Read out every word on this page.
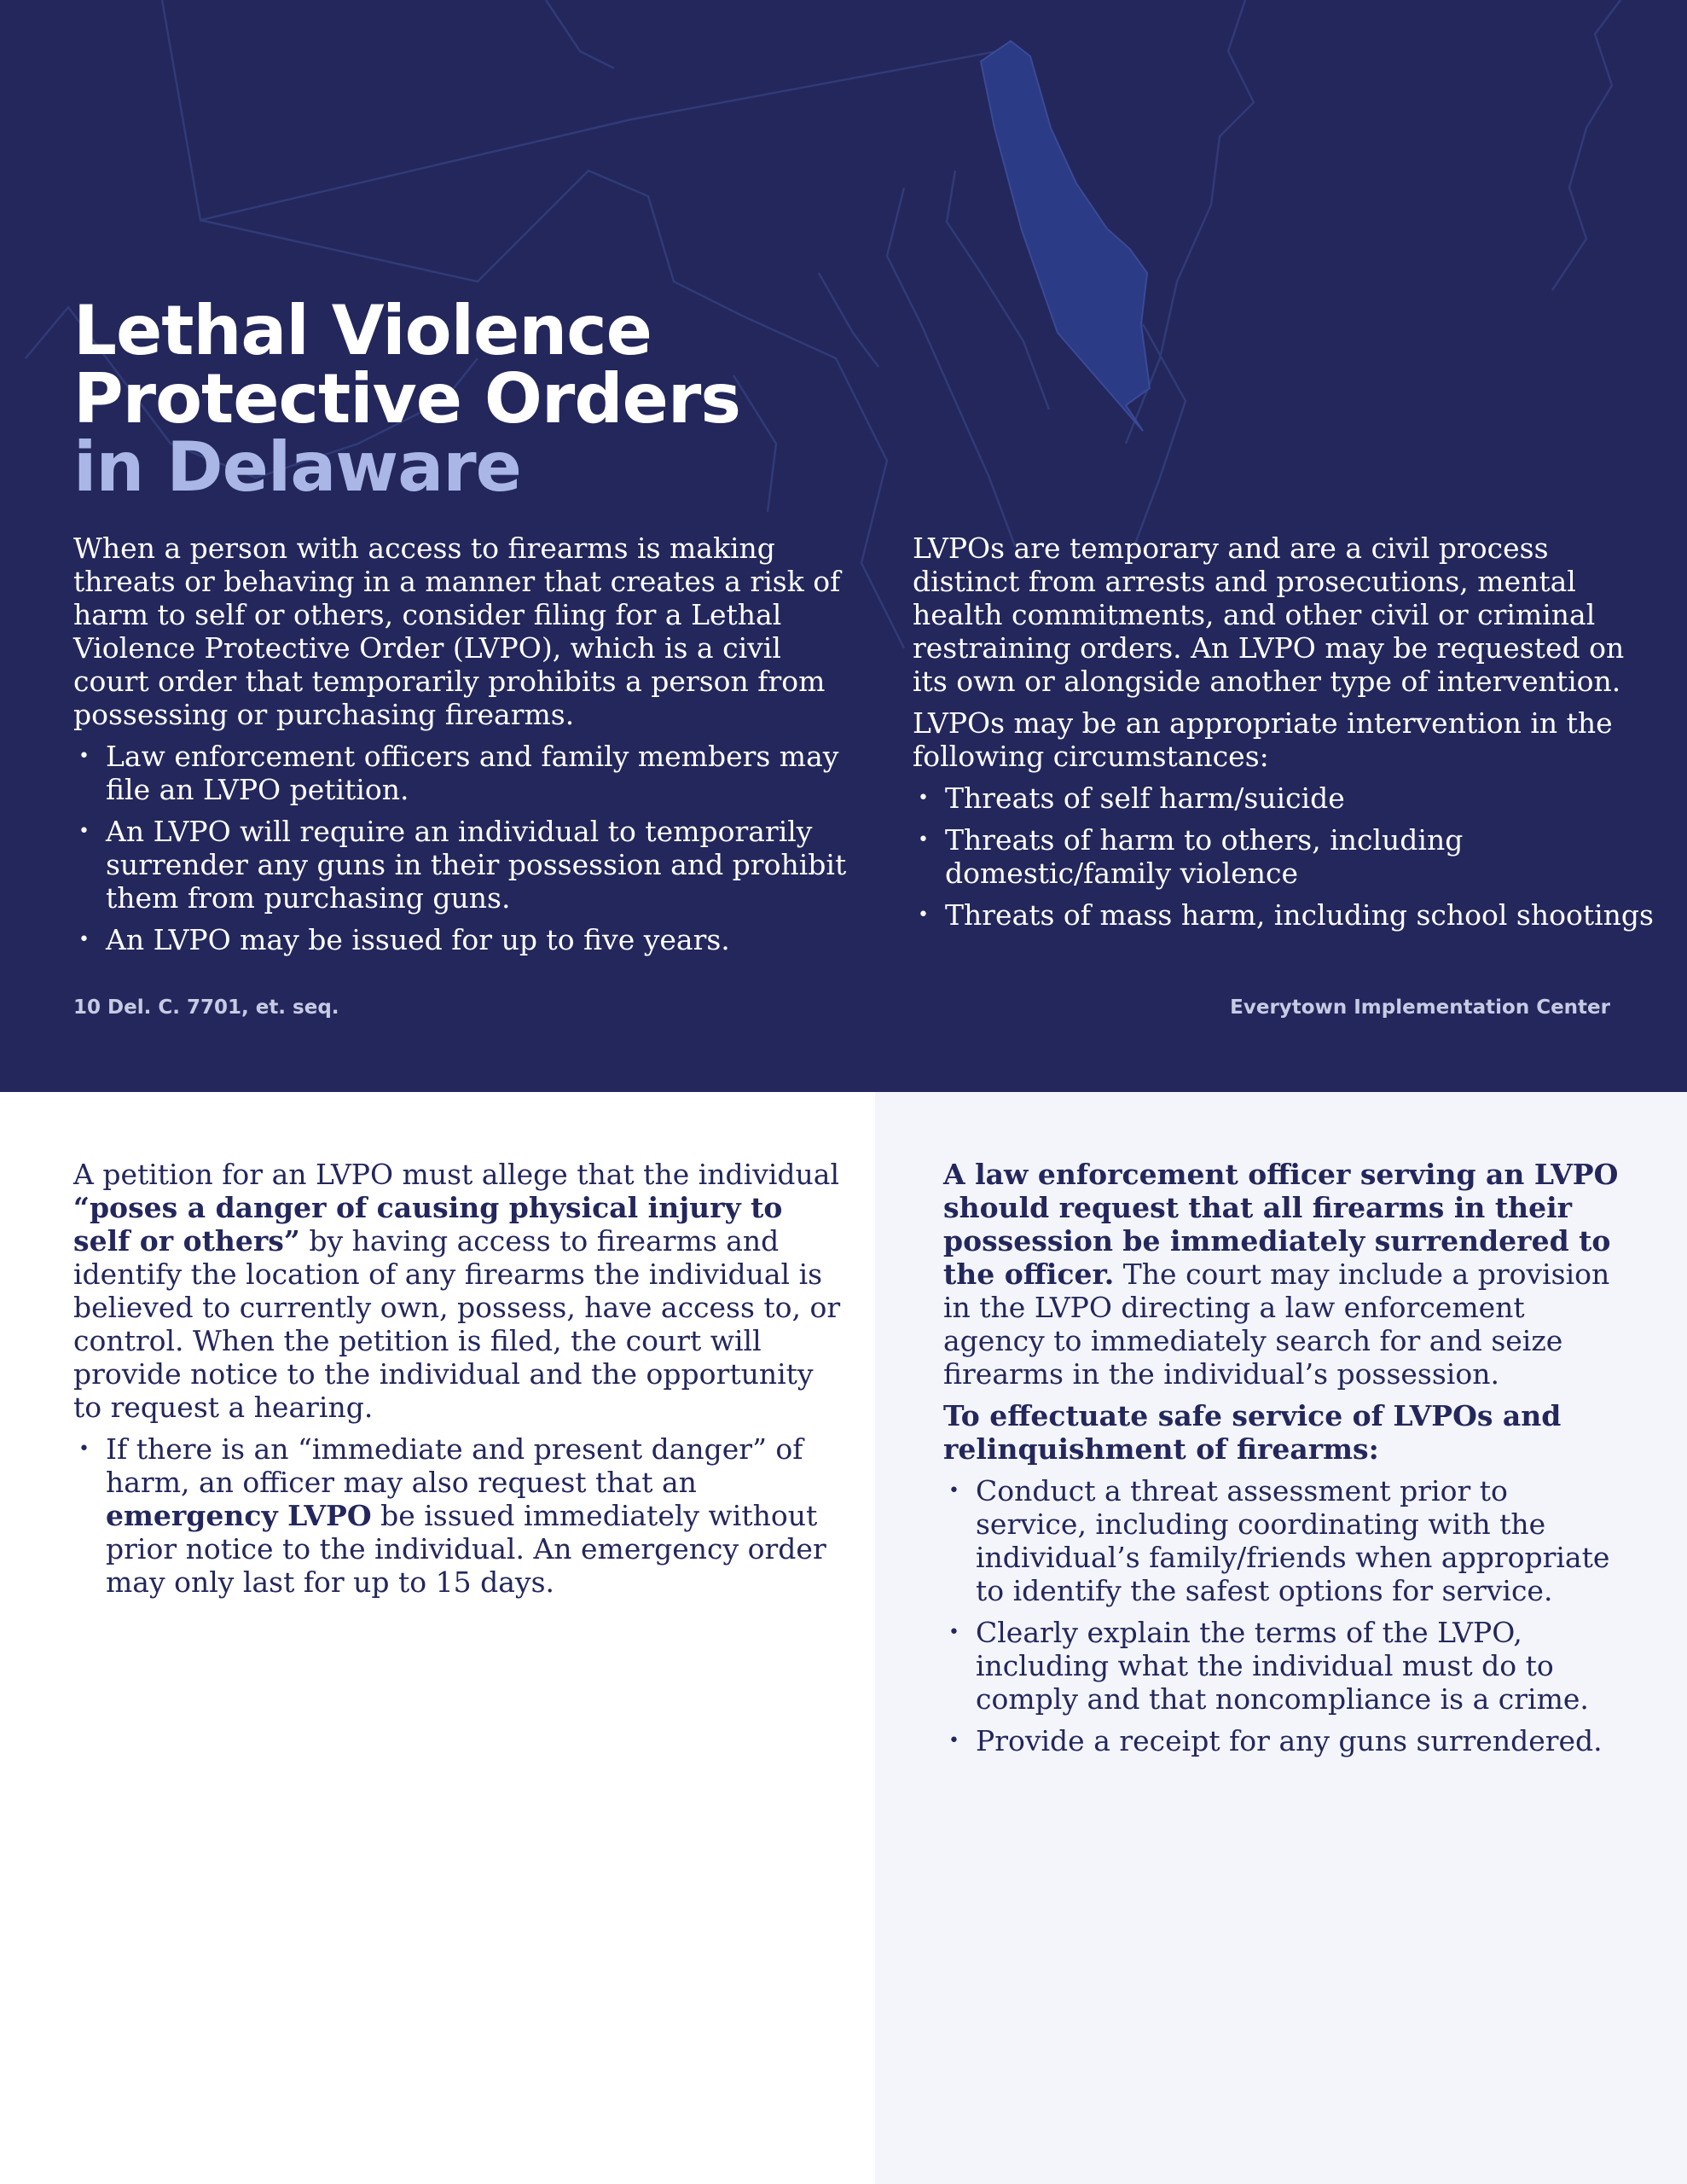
Lethal Violence
Protective Orders
in Delaware

When a person with access to firearms is making threats or behaving in a manner that creates a risk of harm to self or others, consider filing for a Lethal Violence Protective Order (LVPO), which is a civil court order that temporarily prohibits a person from possessing or purchasing firearms.

• Law enforcement officers and family members may file an LVPO petition.
• An LVPO will require an individual to temporarily surrender any guns in their possession and prohibit them from purchasing guns.
• An LVPO may be issued for up to five years.

LVPOs are temporary and are a civil process distinct from arrests and prosecutions, mental health commitments, and other civil or criminal restraining orders. An LVPO may be requested on its own or alongside another type of intervention.

LVPOs may be an appropriate intervention in the following circumstances:

• Threats of self harm/suicide
• Threats of harm to others, including domestic/family violence
• Threats of mass harm, including school shootings
10 Del. C. 7701, et. seq.	Everytown Implementation Center

A petition for an LVPO must allege that the individual “poses a danger of causing physical injury to self or others” by having access to firearms and identify the location of any firearms the individual is believed to currently own, possess, have access to, or control. When the petition is filed, the court will provide notice to the individual and the opportunity to request a hearing.

• If there is an “immediate and present danger” of harm, an officer may also request that an emergency LVPO be issued immediately without prior notice to the individual. An emergency order may only last for up to 15 days.

A law enforcement officer serving an LVPO should request that all firearms in their possession be immediately surrendered to the officer. The court may include a provision in the LVPO directing a law enforcement agency to immediately search for and seize firearms in the individual’s possession.

To effectuate safe service of LVPOs and relinquishment of firearms:

• Conduct a threat assessment prior to service, including coordinating with the individual’s family/friends when appropriate to identify the safest options for service.
• Clearly explain the terms of the LVPO, including what the individual must do to comply and that noncompliance is a crime.
• Provide a receipt for any guns surrendered.
